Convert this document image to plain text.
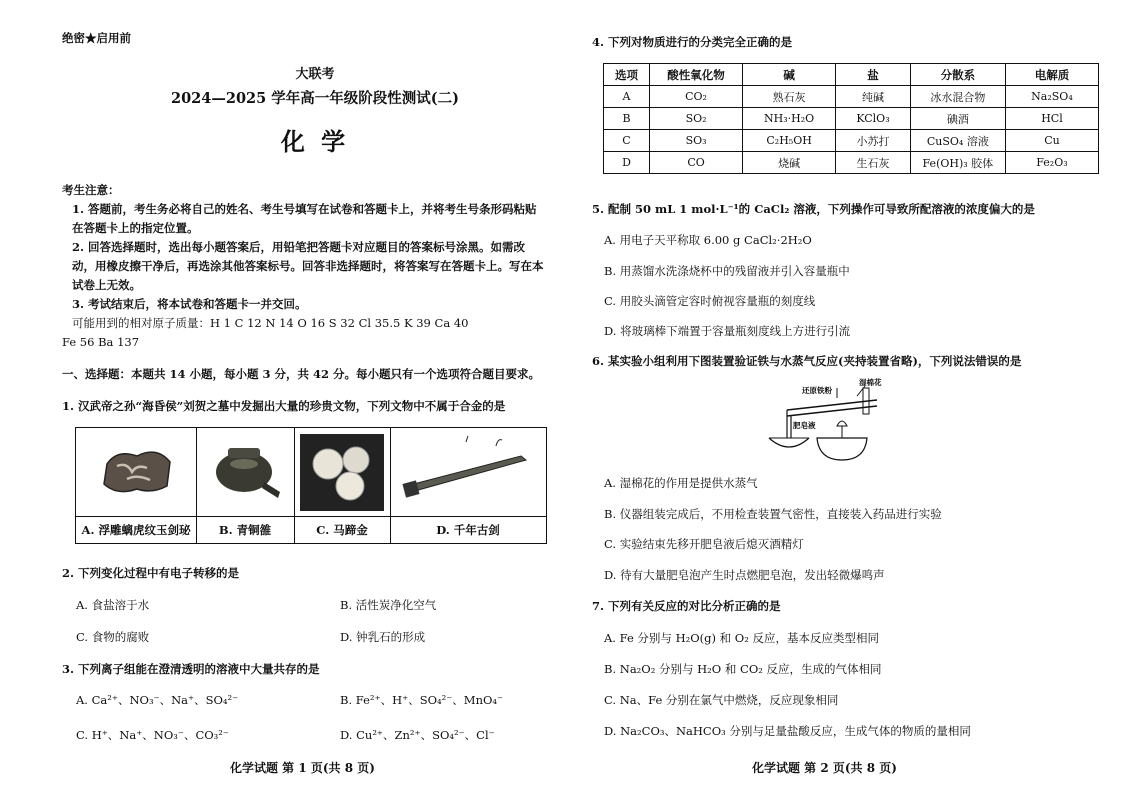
绝密★启用前
大联考
2024—2025 学年高一年级阶段性测试(二)
化 学
考生注意：
1. 答题前，考生务必将自己的姓名、考生号填写在试卷和答题卡上，并将考生号条形码粘贴在答题卡上的指定位置。
2. 回答选择题时，选出每小题答案后，用铅笔把答题卡对应题目的答案标号涂黑。如需改动，用橡皮擦干净后，再选涂其他答案标号。回答非选择题时，将答案写在答题卡上。写在本试卷上无效。
3. 考试结束后，将本试卷和答题卡一并交回。
可能用到的相对原子质量：H 1 C 12 N 14 O 16 S 32 Cl 35.5 K 39 Ca 40
Fe 56 Ba 137
一、选择题：本题共 14 小题，每小题 3 分，共 42 分。每小题只有一个选项符合题目要求。
1. 汉武帝之孙“海昏侯”刘贺之墓中发掘出大量的珍贵文物，下列文物中不属于合金的是
A. 浮雕螭虎纹玉剑珌	B. 青铜雒	C. 马蹄金	D. 千年古剑
2. 下列变化过程中有电子转移的是
A. 食盐溶于水	B. 活性炭净化空气
C. 食物的腐败	D. 钟乳石的形成
3. 下列离子组能在澄清透明的溶液中大量共存的是
A. Ca²⁺、NO₃⁻、Na⁺、SO₄²⁻	B. Fe²⁺、H⁺、SO₄²⁻、MnO₄⁻
C. H⁺、Na⁺、NO₃⁻、CO₃²⁻	D. Cu²⁺、Zn²⁺、SO₄²⁻、Cl⁻
化学试题 第 1 页(共 8 页)
4. 下列对物质进行的分类完全正确的是
选项	酸性氧化物	碱	盐	分散系	电解质
A	CO₂	熟石灰	纯碱	冰水混合物	Na₂SO₄
B	SO₂	NH₃·H₂O	KClO₃	碘酒	HCl
C	SO₃	C₂H₅OH	小苏打	CuSO₄ 溶液	Cu
D	CO	烧碱	生石灰	Fe(OH)₃ 胶体	Fe₂O₃
5. 配制 50 mL 1 mol·L⁻¹的 CaCl₂ 溶液，下列操作可导致所配溶液的浓度偏大的是
A. 用电子天平称取 6.00 g CaCl₂·2H₂O
B. 用蒸馏水洗涤烧杯中的残留液并引入容量瓶中
C. 用胶头滴管定容时俯视容量瓶的刻度线
D. 将玻璃棒下端置于容量瓶刻度线上方进行引流
6. 某实验小组利用下图装置验证铁与水蒸气反应(夹持装置省略)，下列说法错误的是
还原铁粉
湿棉花
肥皂液
A. 湿棉花的作用是提供水蒸气
B. 仪器组装完成后，不用检查装置气密性，直接装入药品进行实验
C. 实验结束先移开肥皂液后熄灭酒精灯
D. 待有大量肥皂泡产生时点燃肥皂泡，发出轻微爆鸣声
7. 下列有关反应的对比分析正确的是
A. Fe 分别与 H₂O(g) 和 O₂ 反应，基本反应类型相同
B. Na₂O₂ 分别与 H₂O 和 CO₂ 反应，生成的气体相同
C. Na、Fe 分别在氯气中燃烧，反应现象相同
D. Na₂CO₃、NaHCO₃ 分别与足量盐酸反应，生成气体的物质的量相同
化学试题 第 2 页(共 8 页)
